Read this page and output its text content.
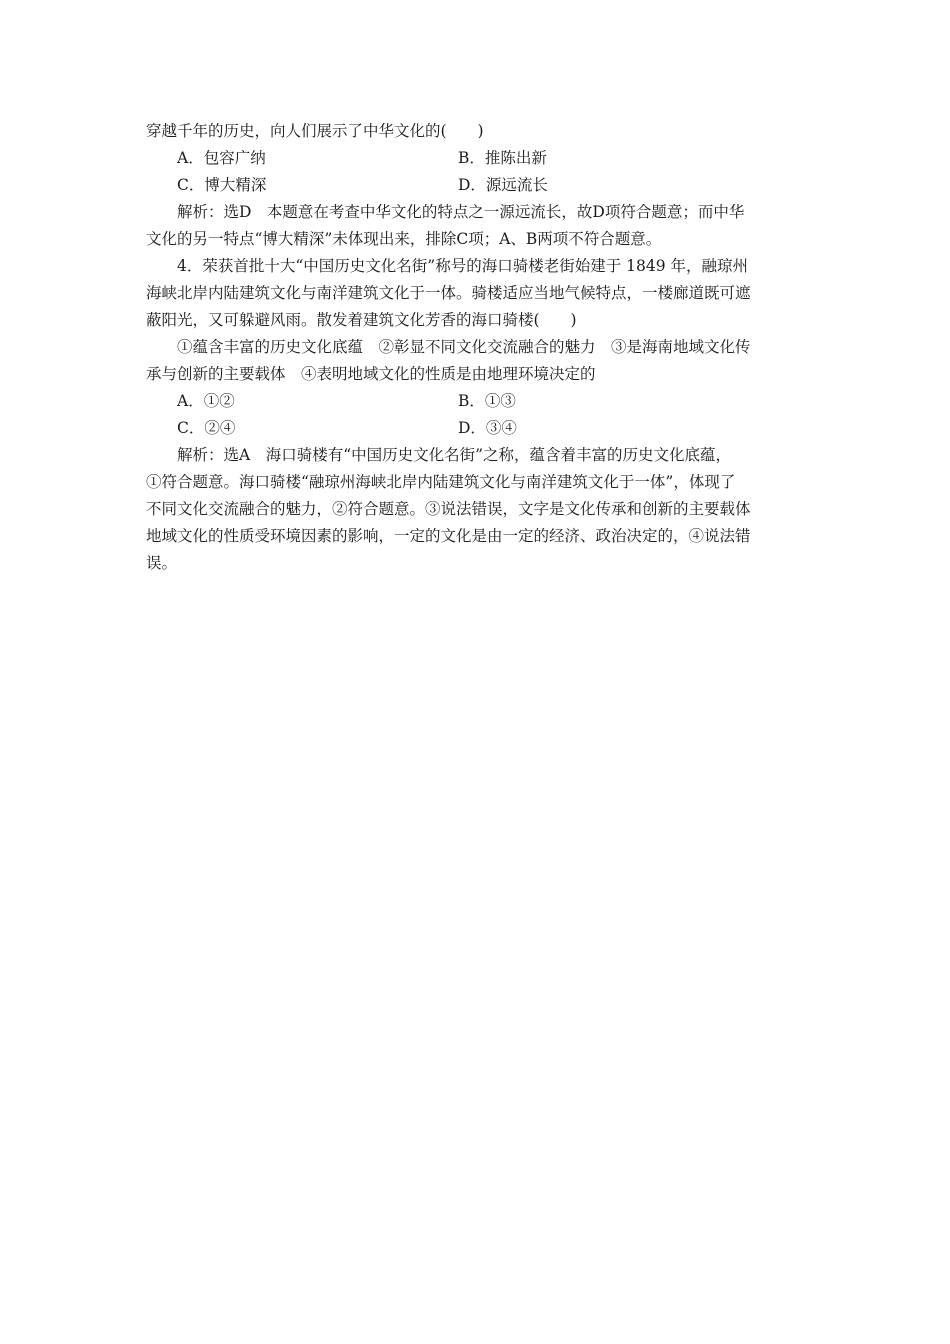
穿越千年的历史，向人们展示了中华文化的(　　)
A．包容广纳	B．推陈出新
C．博大精深	D．源远流长
解析：选D　本题意在考查中华文化的特点之一源远流长，故D项符合题意；而中华
文化的另一特点“博大精深”未体现出来，排除C项；A、B两项不符合题意。
4．荣获首批十大“中国历史文化名街”称号的海口骑楼老街始建于 1849 年，融琼州
海峡北岸内陆建筑文化与南洋建筑文化于一体。骑楼适应当地气候特点，一楼廊道既可遮
蔽阳光，又可躲避风雨。散发着建筑文化芳香的海口骑楼(　　)
①蕴含丰富的历史文化底蕴　②彰显不同文化交流融合的魅力　③是海南地域文化传
承与创新的主要载体　④表明地域文化的性质是由地理环境决定的
A．①②	B．①③
C．②④	D．③④
解析：选A　海口骑楼有“中国历史文化名街”之称，蕴含着丰富的历史文化底蕴，
①符合题意。海口骑楼“融琼州海峡北岸内陆建筑文化与南洋建筑文化于一体”，体现了
不同文化交流融合的魅力，②符合题意。③说法错误，文字是文化传承和创新的主要载体
地域文化的性质受环境因素的影响，一定的文化是由一定的经济、政治决定的，④说法错
误。
